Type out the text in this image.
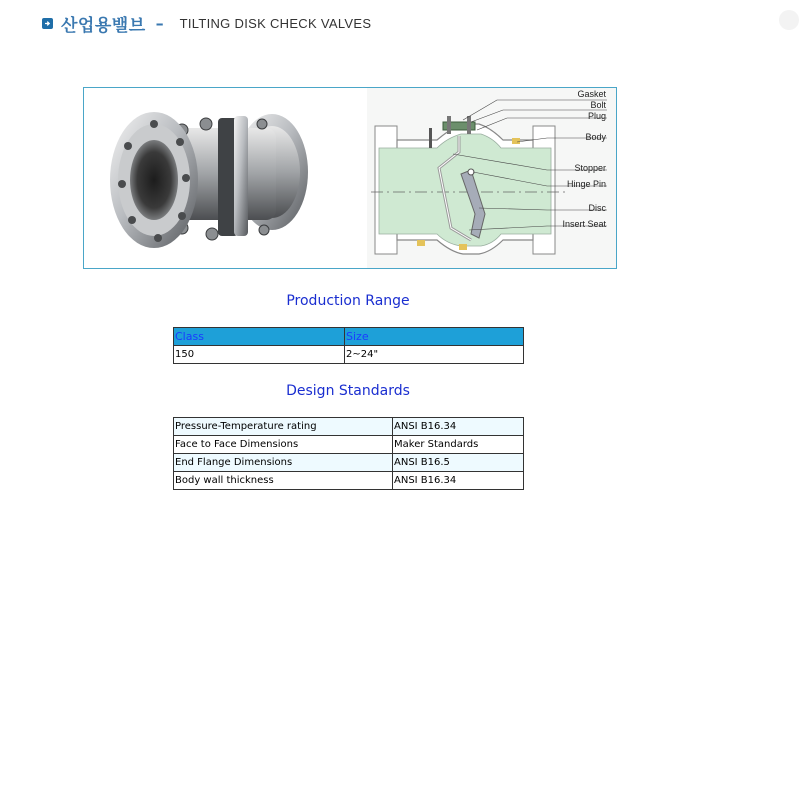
산업용밸브 – TILTING DISK CHECK VALVES
Gasket
Bolt
Plug
Body
Stopper
Hinge Pin
Disc
Insert Seat
Production Range
Class	Size
150	2~24"
Design Standards
Pressure-Temperature rating	ANSI B16.34
Face to Face Dimensions	Maker Standards
End Flange Dimensions	ANSI B16.5
Body wall thickness	ANSI B16.34
